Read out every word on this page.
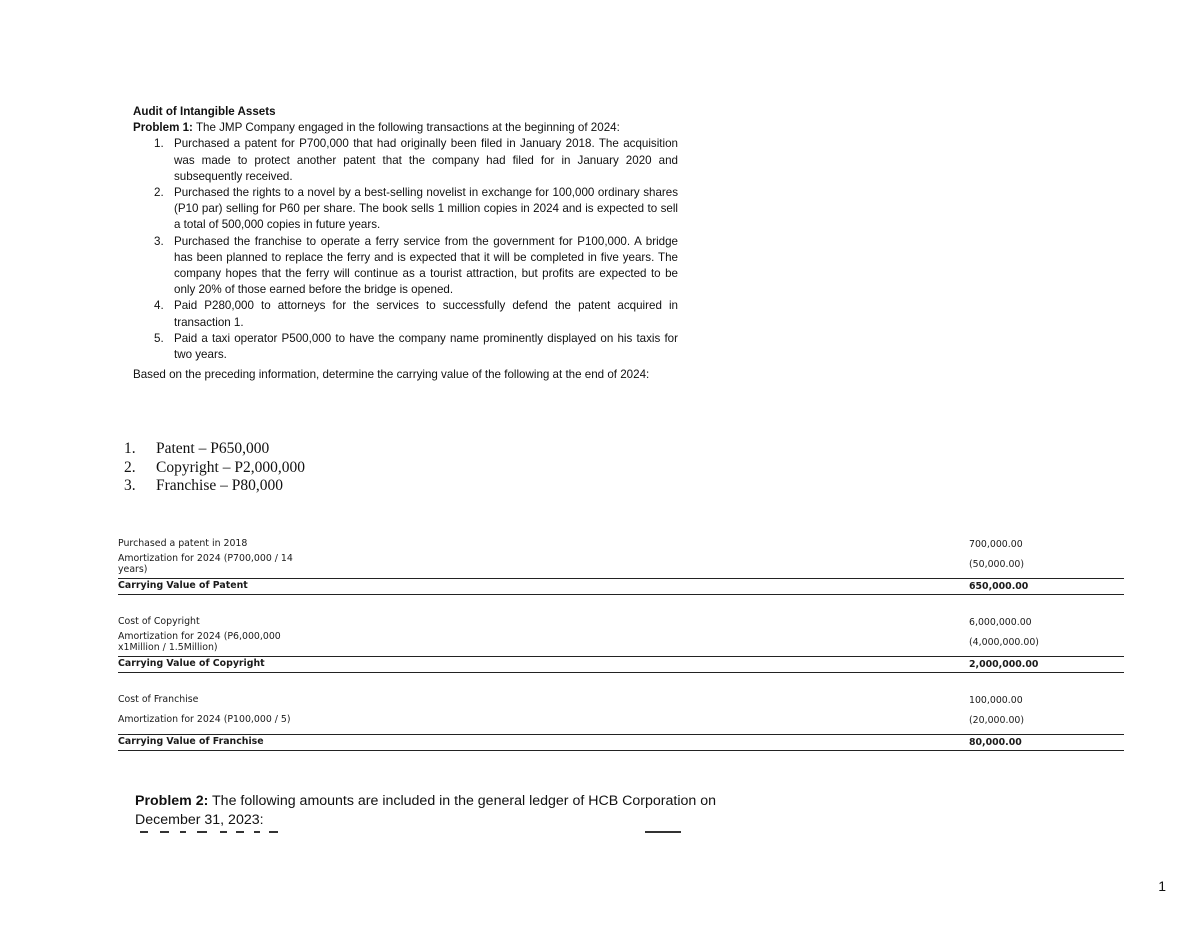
Audit of Intangible Assets
Problem 1: The JMP Company engaged in the following transactions at the beginning of 2024:
1. Purchased a patent for P700,000 that had originally been filed in January 2018. The acquisition was made to protect another patent that the company had filed for in January 2020 and subsequently received.
2. Purchased the rights to a novel by a best-selling novelist in exchange for 100,000 ordinary shares (P10 par) selling for P60 per share. The book sells 1 million copies in 2024 and is expected to sell a total of 500,000 copies in future years.
3. Purchased the franchise to operate a ferry service from the government for P100,000. A bridge has been planned to replace the ferry and is expected that it will be completed in five years. The company hopes that the ferry will continue as a tourist attraction, but profits are expected to be only 20% of those earned before the bridge is opened.
4. Paid P280,000 to attorneys for the services to successfully defend the patent acquired in transaction 1.
5. Paid a taxi operator P500,000 to have the company name prominently displayed on his taxis for two years.
Based on the preceding information, determine the carrying value of the following at the end of 2024:
1.	Patent – P650,000
2.	Copyright – P2,000,000
3.	Franchise – P80,000
Purchased a patent in 2018	700,000.00
Amortization for 2024 (P700,000 / 14 years)	(50,000.00)
Carrying Value of Patent	650,000.00
Cost of Copyright	6,000,000.00
Amortization for 2024 (P6,000,000 x1Million / 1.5Million)	(4,000,000.00)
Carrying Value of Copyright	2,000,000.00
Cost of Franchise	100,000.00
Amortization for 2024 (P100,000 / 5)	(20,000.00)
Carrying Value of Franchise	80,000.00
Problem 2: The following amounts are included in the general ledger of HCB Corporation on December 31, 2023:
1
